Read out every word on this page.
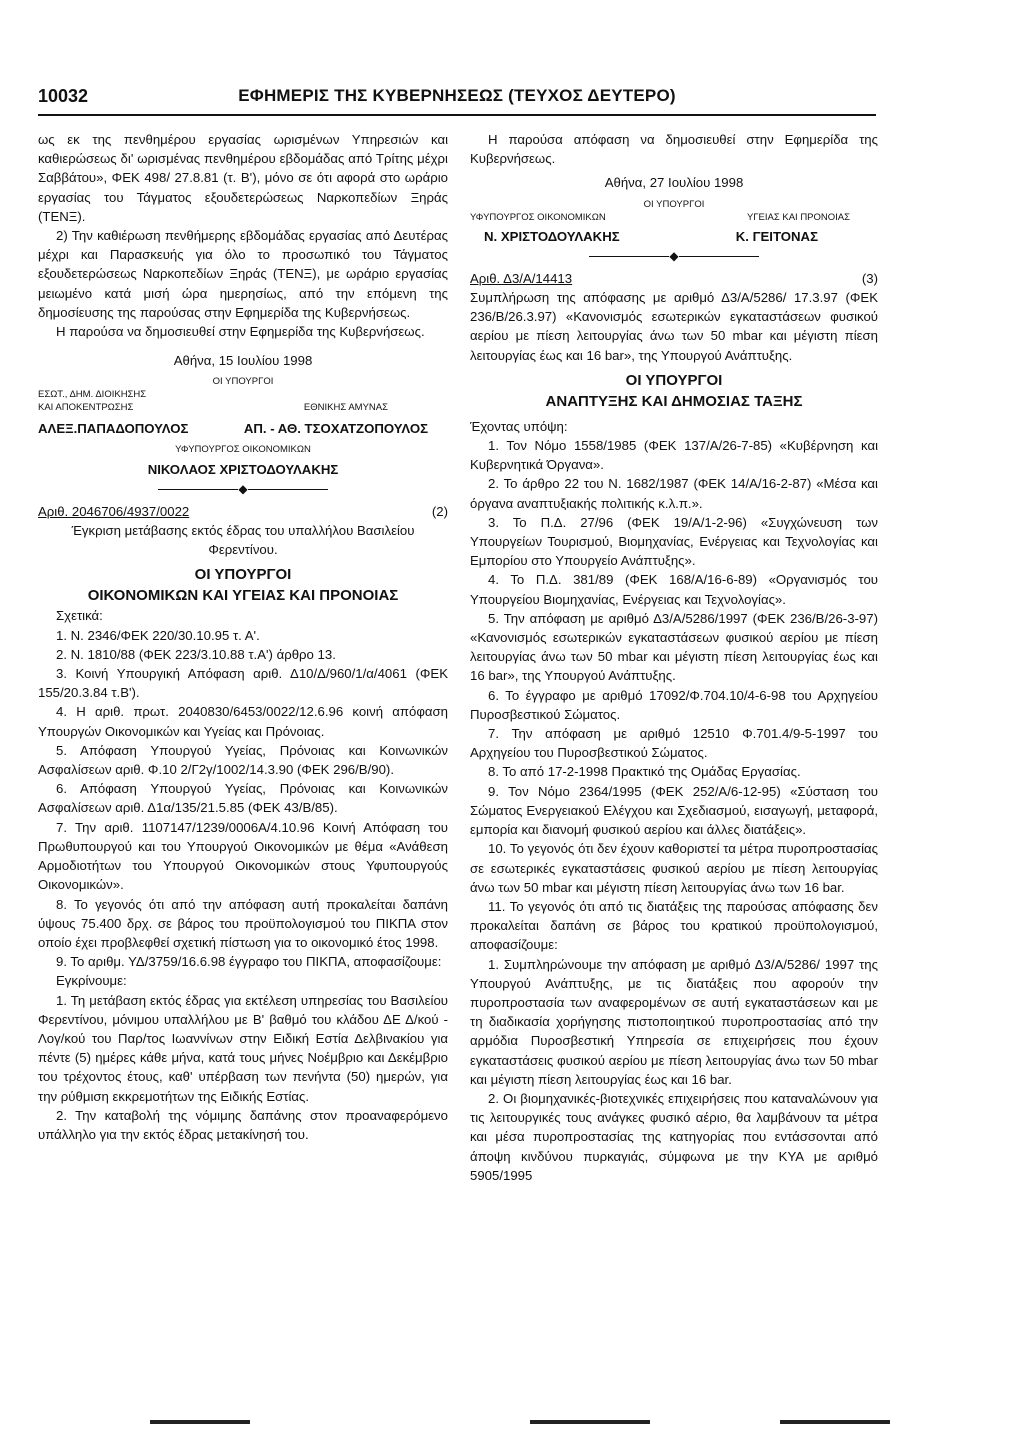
10032	ΕΦΗΜΕΡΙΣ ΤΗΣ ΚΥΒΕΡΝΗΣΕΩΣ (ΤΕΥΧΟΣ ΔΕΥΤΕΡΟ)

ως εκ της πενθημέρου εργασίας ωρισμένων Υπηρεσιών και καθιερώσεως δι' ωρισμένας πενθημέρου εβδομάδας από Τρίτης μέχρι Σαββάτου», ΦΕΚ 498/ 27.8.81 (τ. Β'), μόνο σε ότι αφορά στο ωράριο εργασίας του Τάγματος εξουδετερώσεως Ναρκοπεδίων Ξηράς (ΤΕΝΞ).

2) Την καθιέρωση πενθήμερης εβδομάδας εργασίας από Δευτέρας μέχρι και Παρασκευής για όλο το προσωπικό του Τάγματος εξουδετερώσεως Ναρκοπεδίων Ξηράς (ΤΕΝΞ), με ωράριο εργασίας μειωμένο κατά μισή ώρα ημερησίως, από την επόμενη της δημοσίευσης της παρούσας στην Εφημερίδα της Κυβερνήσεως.

Η παρούσα να δημοσιευθεί στην Εφημερίδα της Κυβερνήσεως.

Αθήνα, 15 Ιουλίου 1998

ΟΙ ΥΠΟΥΡΓΟΙ

ΕΣΩΤ., ΔΗΜ. ΔΙΟΙΚΗΣΗΣ
ΚΑΙ ΑΠΟΚΕΝΤΡΩΣΗΣ	ΕΘΝΙΚΗΣ ΑΜΥΝΑΣ
ΑΛΕΞ.ΠΑΠΑΔΟΠΟΥΛΟΣ	ΑΠ. - ΑΘ. ΤΣΟΧΑΤΖΟΠΟΥΛΟΣ

ΥΦΥΠΟΥΡΓΟΣ ΟΙΚΟΝΟΜΙΚΩΝ

ΝΙΚΟΛΑΟΣ ΧΡΙΣΤΟΔΟΥΛΑΚΗΣ

◆
Αριθ. 2046706/4937/0022	(2)

Έγκριση μετάβασης εκτός έδρας του υπαλλήλου Βασιλείου Φερεντίνου.

ΟΙ ΥΠΟΥΡΓΟΙ

ΟΙΚΟΝΟΜΙΚΩΝ ΚΑΙ ΥΓΕΙΑΣ ΚΑΙ ΠΡΟΝΟΙΑΣ

Σχετικά:

1. Ν. 2346/ΦΕΚ 220/30.10.95 τ. Α'.

2. Ν. 1810/88 (ΦΕΚ 223/3.10.88 τ.Α') άρθρο 13.

3. Κοινή Υπουργική Απόφαση αριθ. Δ10/Δ/960/1/α/4061 (ΦΕΚ 155/20.3.84 τ.Β').

4. Η αριθ. πρωτ. 2040830/6453/0022/12.6.96 κοινή απόφαση Υπουργών Οικονομικών και Υγείας και Πρόνοιας.

5. Απόφαση Υπουργού Υγείας, Πρόνοιας και Κοινωνικών Ασφαλίσεων αριθ. Φ.10 2/Γ2γ/1002/14.3.90 (ΦΕΚ 296/Β/90).

6. Απόφαση Υπουργού Υγείας, Πρόνοιας και Κοινωνικών Ασφαλίσεων αριθ. Δ1α/135/21.5.85 (ΦΕΚ 43/Β/85).

7. Την αριθ. 1107147/1239/0006Α/4.10.96 Κοινή Απόφαση του Πρωθυπουργού και του Υπουργού Οικονομικών με θέμα «Ανάθεση Αρμοδιοτήτων του Υπουργού Οικονομικών στους Υφυπουργούς Οικονομικών».

8. Το γεγονός ότι από την απόφαση αυτή προκαλείται δαπάνη ύψους 75.400 δρχ. σε βάρος του προϋπολογισμού του ΠΙΚΠΑ στον οποίο έχει προβλεφθεί σχετική πίστωση για το οικονομικό έτος 1998.

9. Το αριθμ. ΥΔ/3759/16.6.98 έγγραφο του ΠΙΚΠΑ, αποφασίζουμε:

Εγκρίνουμε:

1. Τη μετάβαση εκτός έδρας για εκτέλεση υπηρεσίας του Βασιλείου Φερεντίνου, μόνιμου υπαλλήλου με Β' βαθμό του κλάδου ΔΕ Δ/κού - Λογ/κού του Παρ/τος Ιωαννίνων στην Ειδική Εστία Δελβινακίου για πέντε (5) ημέρες κάθε μήνα, κατά τους μήνες Νοέμβριο και Δεκέμβριο του τρέχοντος έτους, καθ' υπέρβαση των πενήντα (50) ημερών, για την ρύθμιση εκκρεμοτήτων της Ειδικής Εστίας.

2. Την καταβολή της νόμιμης δαπάνης στον προαναφερόμενο υπάλληλο για την εκτός έδρας μετακίνησή του.

Η παρούσα απόφαση να δημοσιευθεί στην Εφημερίδα της Κυβερνήσεως.

Αθήνα, 27 Ιουλίου 1998

ΟΙ ΥΠΟΥΡΓΟΙ

ΥΦΥΠΟΥΡΓΟΣ ΟΙΚΟΝΟΜΙΚΩΝ	ΥΓΕΙΑΣ ΚΑΙ ΠΡΟΝΟΙΑΣ
Ν. ΧΡΙΣΤΟΔΟΥΛΑΚΗΣ	Κ. ΓΕΙΤΟΝΑΣ
◆
Αριθ. Δ3/Α/14413	(3)

Συμπλήρωση της απόφασης με αριθμό Δ3/Α/5286/ 17.3.97 (ΦΕΚ 236/Β/26.3.97) «Κανονισμός εσωτερικών εγκαταστάσεων φυσικού αερίου με πίεση λειτουργίας άνω των 50 mbar και μέγιστη πίεση λειτουργίας έως και 16 bar», της Υπουργού Ανάπτυξης.

ΟΙ ΥΠΟΥΡΓΟΙ

ΑΝΑΠΤΥΞΗΣ ΚΑΙ ΔΗΜΟΣΙΑΣ ΤΑΞΗΣ

Έχοντας υπόψη:

1. Τον Νόμο 1558/1985 (ΦΕΚ 137/Α/26-7-85) «Κυβέρνηση και Κυβερνητικά Όργανα».

2. Το άρθρο 22 του Ν. 1682/1987 (ΦΕΚ 14/Α/16-2-87) «Μέσα και όργανα αναπτυξιακής πολιτικής κ.λ.π.».

3. Το Π.Δ. 27/96 (ΦΕΚ 19/Α/1-2-96) «Συγχώνευση των Υπουργείων Τουρισμού, Βιομηχανίας, Ενέργειας και Τεχνολογίας και Εμπορίου στο Υπουργείο Ανάπτυξης».

4. Το Π.Δ. 381/89 (ΦΕΚ 168/Α/16-6-89) «Οργανισμός του Υπουργείου Βιομηχανίας, Ενέργειας και Τεχνολογίας».

5. Την απόφαση με αριθμό Δ3/Α/5286/1997 (ΦΕΚ 236/Β/26-3-97) «Κανονισμός εσωτερικών εγκαταστάσεων φυσικού αερίου με πίεση λειτουργίας άνω των 50 mbar και μέγιστη πίεση λειτουργίας έως και 16 bar», της Υπουργού Ανάπτυξης.

6. Το έγγραφο με αριθμό 17092/Φ.704.10/4-6-98 του Αρχηγείου Πυροσβεστικού Σώματος.

7. Την απόφαση με αριθμό 12510 Φ.701.4/9-5-1997 του Αρχηγείου του Πυροσβεστικού Σώματος.

8. Το από 17-2-1998 Πρακτικό της Ομάδας Εργασίας.

9. Τον Νόμο 2364/1995 (ΦΕΚ 252/Α/6-12-95) «Σύσταση του Σώματος Ενεργειακού Ελέγχου και Σχεδιασμού, εισαγωγή, μεταφορά, εμπορία και διανομή φυσικού αερίου και άλλες διατάξεις».

10. Το γεγονός ότι δεν έχουν καθοριστεί τα μέτρα πυροπροστασίας σε εσωτερικές εγκαταστάσεις φυσικού αερίου με πίεση λειτουργίας άνω των 50 mbar και μέγιστη πίεση λειτουργίας άνω των 16 bar.

11. Το γεγονός ότι από τις διατάξεις της παρούσας απόφασης δεν προκαλείται δαπάνη σε βάρος του κρατικού προϋπολογισμού, αποφασίζουμε:

1. Συμπληρώνουμε την απόφαση με αριθμό Δ3/Α/5286/ 1997 της Υπουργού Ανάπτυξης, με τις διατάξεις που αφορούν την πυροπροστασία των αναφερομένων σε αυτή εγκαταστάσεων και με τη διαδικασία χορήγησης πιστοποιητικού πυροπροστασίας από την αρμόδια Πυροσβεστική Υπηρεσία σε επιχειρήσεις που έχουν εγκαταστάσεις φυσικού αερίου με πίεση λειτουργίας άνω των 50 mbar και μέγιστη πίεση λειτουργίας έως και 16 bar.

2. Οι βιομηχανικές-βιοτεχνικές επιχειρήσεις που καταναλώνουν για τις λειτουργικές τους ανάγκες φυσικό αέριο, θα λαμβάνουν τα μέτρα και μέσα πυροπροστασίας της κατηγορίας που εντάσσονται από άποψη κινδύνου πυρκαγιάς, σύμφωνα με την ΚΥΑ με αριθμό 5905/1995
